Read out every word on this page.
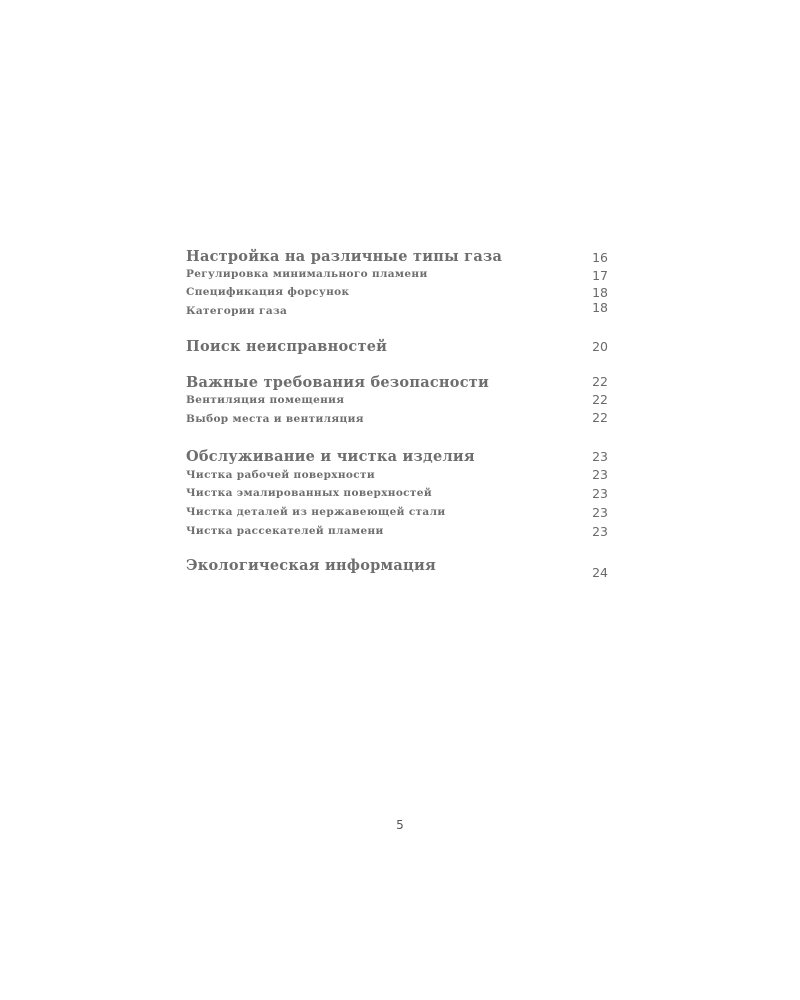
Настройка на различные типы газа	16
Регулировка минимального пламени	17
Спецификация форсунок	18
Категории газа	18
Поиск неисправностей	20
Важные требования безопасности	22
Вентиляция помещения	22
Выбор места и вентиляция	22
Обслуживание и чистка изделия	23
Чистка рабочей поверхности	23
Чистка эмалированных поверхностей	23
Чистка деталей из нержавеющей стали	23
Чистка рассекателей пламени	23
Экологическая информация	24
5
